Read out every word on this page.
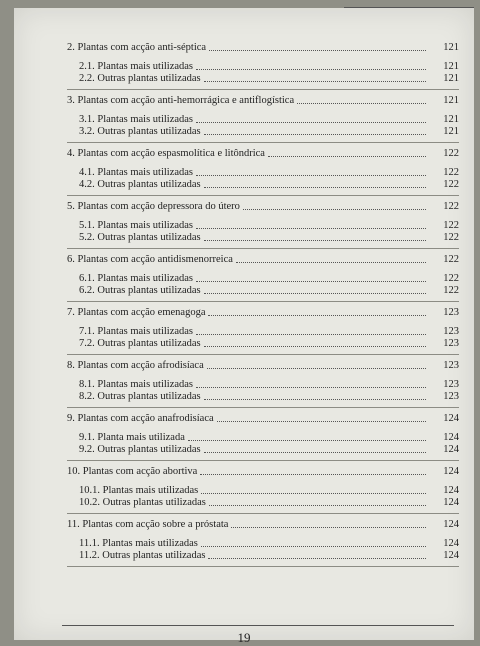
2. Plantas com acção anti-séptica	121
2.1. Plantas mais utilizadas	121
2.2. Outras plantas utilizadas	121
3. Plantas com acção anti-hemorrágica e antiflogística	121
3.1. Plantas mais utilizadas	121
3.2. Outras plantas utilizadas	121
4. Plantas com acção espasmolítica e litôndrica	122
4.1. Plantas mais utilizadas	122
4.2. Outras plantas utilizadas	122
5. Plantas com acção depressora do útero	122
5.1. Plantas mais utilizadas	122
5.2. Outras plantas utilizadas	122
6. Plantas com acção antidismenorreica	122
6.1. Plantas mais utilizadas	122
6.2. Outras plantas utilizadas	122
7. Plantas com acção emenagoga	123
7.1. Plantas mais utilizadas	123
7.2. Outras plantas utilizadas	123
8. Plantas com acção afrodisíaca	123
8.1. Plantas mais utilizadas	123
8.2. Outras plantas utilizadas	123
9. Plantas com acção anafrodisíaca	124
9.1. Planta mais utilizada	124
9.2. Outras plantas utilizadas	124
10. Plantas com acção abortiva	124
10.1. Plantas mais utilizadas	124
10.2. Outras plantas utilizadas	124
11. Plantas com acção sobre a próstata	124
11.1. Plantas mais utilizadas	124
11.2. Outras plantas utilizadas	124
19
